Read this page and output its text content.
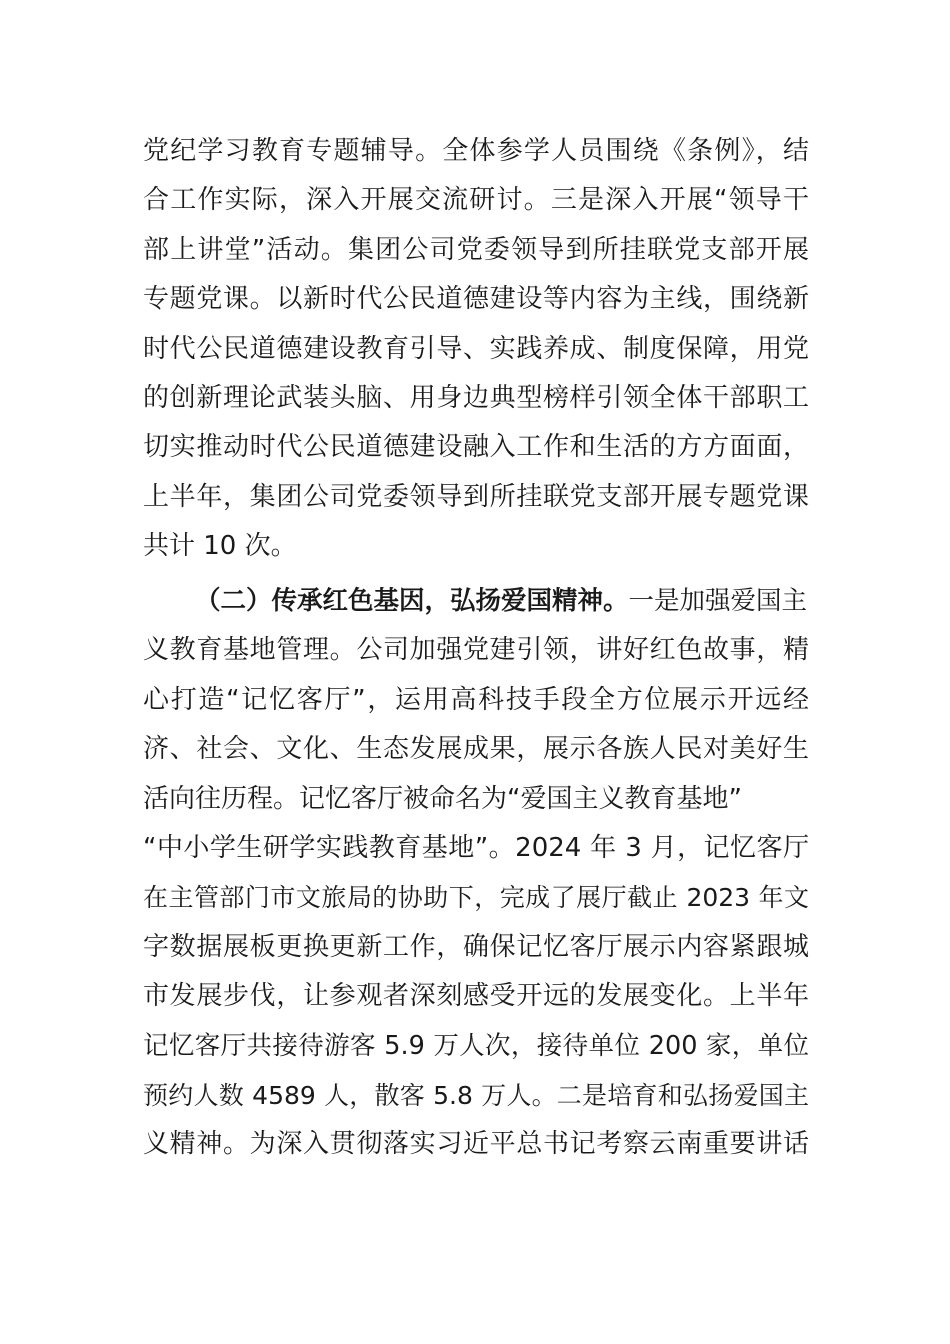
党纪学习教育专题辅导。全体参学人员围绕《条例》，结
合工作实际，深入开展交流研讨。三是深入开展“领导干
部上讲堂”活动。集团公司党委领导到所挂联党支部开展
专题党课。以新时代公民道德建设等内容为主线，围绕新
时代公民道德建设教育引导、实践养成、制度保障，用党
的创新理论武装头脑、用身边典型榜样引领全体干部职工
切实推动时代公民道德建设融入工作和生活的方方面面，
上半年，集团公司党委领导到所挂联党支部开展专题党课
共计 10 次。
（二）传承红色基因，弘扬爱国精神。一是加强爱国主
义教育基地管理。公司加强党建引领，讲好红色故事，精
心打造“记忆客厅”，运用高科技手段全方位展示开远经
济、社会、文化、生态发展成果，展示各族人民对美好生
活向往历程。记忆客厅被命名为“爱国主义教育基地”
“中小学生研学实践教育基地”。2024 年 3 月，记忆客厅
在主管部门市文旅局的协助下，完成了展厅截止 2023 年文
字数据展板更换更新工作，确保记忆客厅展示内容紧跟城
市发展步伐，让参观者深刻感受开远的发展变化。上半年
记忆客厅共接待游客 5.9 万人次，接待单位 200 家，单位
预约人数 4589 人，散客 5.8 万人。二是培育和弘扬爱国主
义精神。为深入贯彻落实习近平总书记考察云南重要讲话
